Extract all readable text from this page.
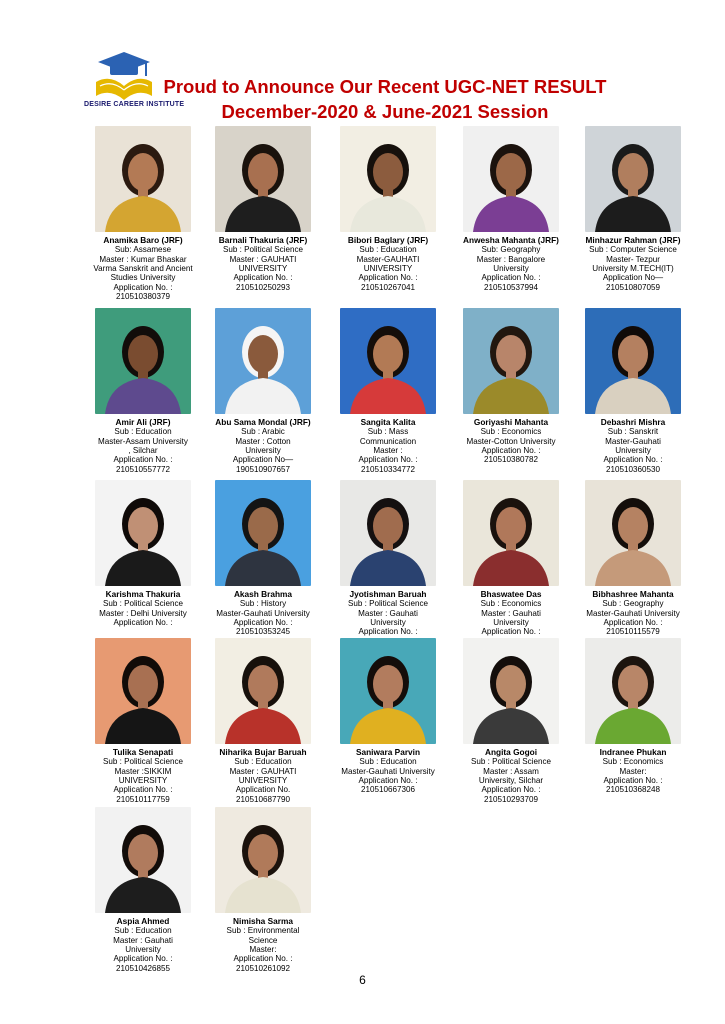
DESIRE CAREER INSTITUTE
Proud to Announce Our Recent UGC-NET RESULT
December-2020 & June-2021 Session
Anamika Baro (JRF)
Sub: Assamese
Master : Kumar Bhaskar
Varma Sanskrit and Ancient
Studies University
Application No. :
210510380379
Barnali Thakuria (JRF)
Sub : Political Science
Master : GAUHATI
UNIVERSITY
Application No. :
210510250293
Bibori Baglary (JRF)
Sub : Education
Master-GAUHATI
UNIVERSITY
Application No. :
210510267041
Anwesha Mahanta (JRF)
Sub: Geography
Master : Bangalore
University
Application No. :
210510537994
Minhazur Rahman (JRF)
Sub : Computer Science
Master- Tezpur
University M.TECH(IT)
Application No—
210510807059
Amir Ali (JRF)
Sub : Education
Master-Assam University
, Silchar
Application No. :
210510557772
Abu Sama Mondal (JRF)
Sub : Arabic
Master : Cotton
University
Application No—
190510907657
Sangita Kalita
Sub : Mass
Communication
Master :
Application No. :
210510334772
Goriyashi Mahanta
Sub : Economics
Master-Cotton University
Application No. :
210510380782
Debashri Mishra
Sub : Sanskrit
Master-Gauhati
University
Application No. :
210510360530
Karishma Thakuria
Sub : Political Science
Master : Delhi University
Application No. :
Akash Brahma
Sub : History
Master-Gauhati University
Application No. :
210510353245
Jyotishman Baruah
Sub : Political Science
Master : Gauhati
University
Application No. :
Bhaswatee Das
Sub : Economics
Master : Gauhati
University
Application No. :
Bibhashree Mahanta
Sub : Geography
Master-Gauhati University
Application No. :
210510115579
Tulika Senapati
Sub : Political Science
Master :SIKKIM
UNIVERSITY
Application No. :
210510117759
Niharika Bujar Baruah
Sub : Education
Master : GAUHATI
UNIVERSITY
Application No.
210510687790
Saniwara Parvin
Sub : Education
Master-Gauhati University
Application No. :
210510667306
Angita Gogoi
Sub : Political Science
Master : Assam
University, Silchar
Application No. :
210510293709
Indranee Phukan
Sub : Economics
Master:
Application No. :
210510368248
Aspia Ahmed
Sub : Education
Master : Gauhati
University
Application No. :
210510426855
Nimisha Sarma
Sub : Environmental
Science
Master:
Application No. :
210510261092
6
